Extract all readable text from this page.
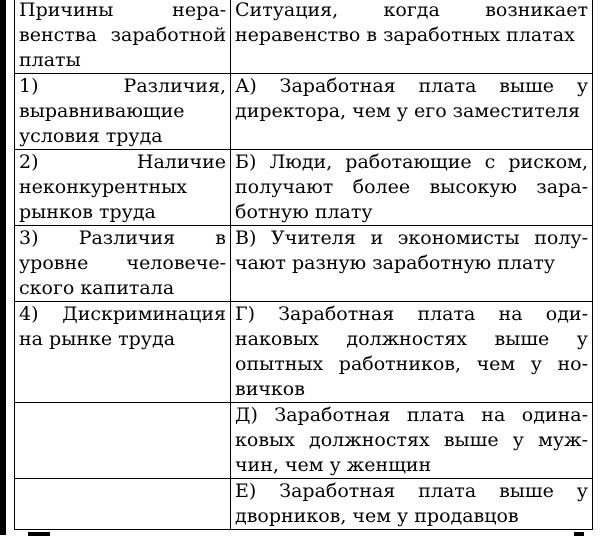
Причины неравенства заработной платы	Ситуация, когда возникает неравенство в заработных платах
1) Различия, выравнивающие условия труда	А) Заработная плата выше у директора, чем у его заместителя
2) Наличие неконкурентных рынков труда	Б) Люди, работающие с риском, получают более высокую заработную плату
3) Различия в уровне человеческого капитала	В) Учителя и экономисты получают разную заработную плату
4) Дискриминация на рынке труда	Г) Заработная плата на одинаковых должностях выше у опытных работников, чем у новичков
	Д) Заработная плата на одинаковых должностях выше у мужчин, чем у женщин
	Е) Заработная плата выше у дворников, чем у продавцов
